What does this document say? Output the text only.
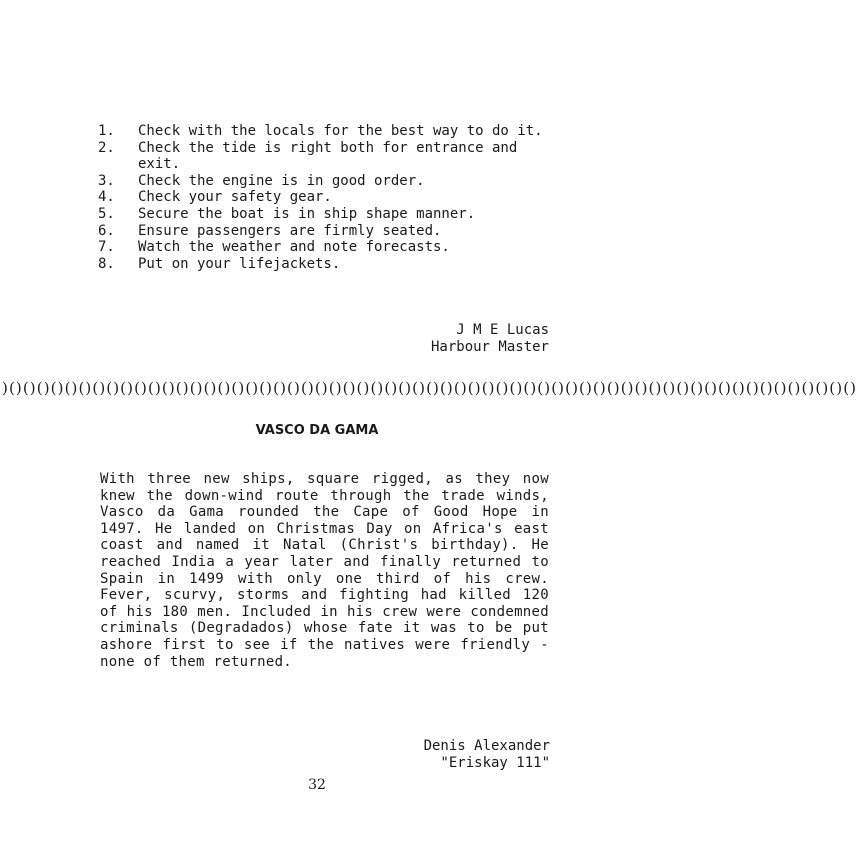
1.	Check with the locals for the best way to do it.
2.	Check the tide is right both for entrance and exit.
3.	Check the engine is in good order.
4.	Check your safety gear.
5.	Secure the boat is in ship shape manner.
6.	Ensure passengers are firmly seated.
7.	Watch the weather and note forecasts.
8.	Put on your lifejackets.
J M E Lucas
Harbour Master
)()()()()()()()()()()()()()()()()()()()()()()()()()()()()()()()()()()()()()()()()()()()()()()()()()()()()()()()()()()()()()
VASCO DA GAMA

With three new ships, square rigged, as they now knew the down-wind route through the trade winds, Vasco da Gama rounded the Cape of Good Hope in 1497. He landed on Christmas Day on Africa's east coast and named it Natal (Christ's birthday). He reached India a year later and finally returned to Spain in 1499 with only one third of his crew. Fever, scurvy, storms and fighting had killed 120 of his 180 men. Included in his crew were condemned criminals (Degradados) whose fate it was to be put ashore first to see if the natives were friendly - none of them returned.

Denis Alexander
"Eriskay 111"
32
